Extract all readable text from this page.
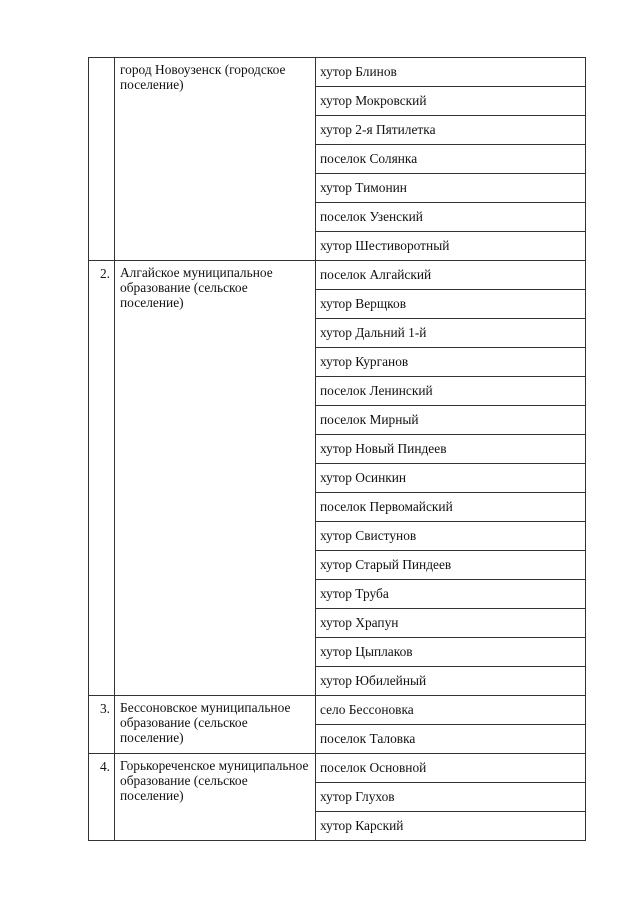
	город Новоузенск (городское поселение)	хутор Блинов

		хутор Мокровский

		хутор 2-я Пятилетка

		поселок Солянка

		хутор Тимонин

		поселок Узенский

		хутор Шестиворотный

2.	Алгайское муниципальное образование (сельское поселение)	поселок Алгайский

		хутор Верщков

		хутор Дальний 1-й

		хутор Курганов

		поселок Ленинский

		поселок Мирный

		хутор Новый Пиндеев

		хутор Осинкин

		поселок Первомайский

		хутор Свистунов

		хутор Старый Пиндеев

		хутор Труба

		хутор Храпун

		хутор Цыплаков

		хутор Юбилейный

3.	Бессоновское муниципальное образование (сельское поселение)	село Бессоновка

		поселок Таловка

4.	Горькореченское муниципальное образование (сельское поселение)	поселок Основной

		хутор Глухов

		хутор Карский
